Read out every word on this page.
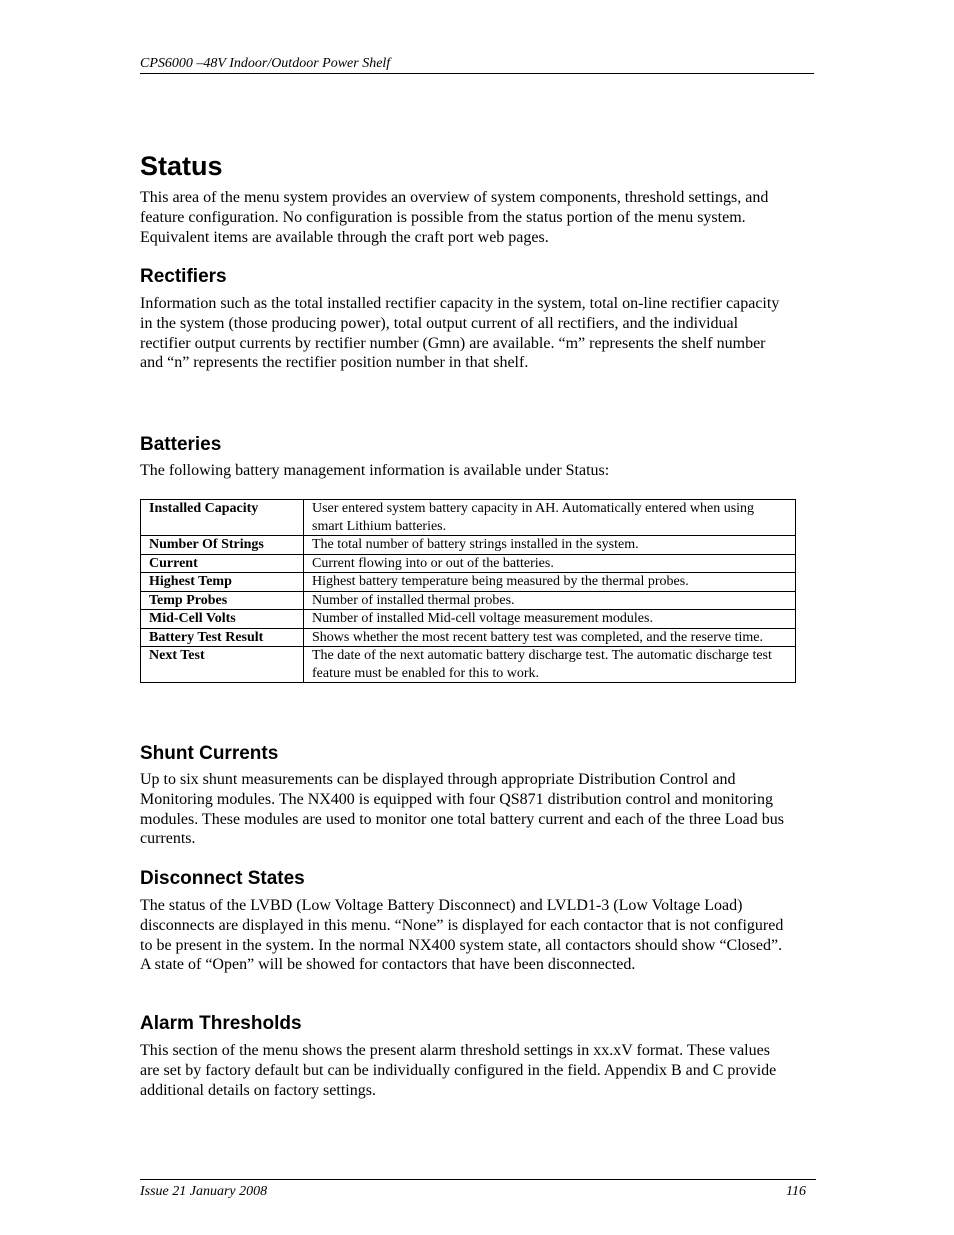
CPS6000 –48V Indoor/Outdoor Power Shelf
Status

This area of the menu system provides an overview of system components, threshold settings, and feature configuration. No configuration is possible from the status portion of the menu system. Equivalent items are available through the craft port web pages.

Rectifiers

Information such as the total installed rectifier capacity in the system, total on-line rectifier capacity in the system (those producing power), total output current of all rectifiers, and the individual rectifier output currents by rectifier number (Gmn) are available. “m” represents the shelf number and “n” represents the rectifier position number in that shelf.

Batteries

The following battery management information is available under Status:

Installed Capacity	User entered system battery capacity in AH. Automatically entered when using smart Lithium batteries.
Number Of Strings	The total number of battery strings installed in the system.
Current	Current flowing into or out of the batteries.
Highest Temp	Highest battery temperature being measured by the thermal probes.
Temp Probes	Number of installed thermal probes.
Mid-Cell Volts	Number of installed Mid-cell voltage measurement modules.
Battery Test Result	Shows whether the most recent battery test was completed, and the reserve time.
Next Test	The date of the next automatic battery discharge test. The automatic discharge test feature must be enabled for this to work.
Shunt Currents

Up to six shunt measurements can be displayed through appropriate Distribution Control and Monitoring modules. The NX400 is equipped with four QS871 distribution control and monitoring modules. These modules are used to monitor one total battery current and each of the three Load bus currents.

Disconnect States

The status of the LVBD (Low Voltage Battery Disconnect) and LVLD1-3 (Low Voltage Load) disconnects are displayed in this menu. “None” is displayed for each contactor that is not configured to be present in the system. In the normal NX400 system state, all contactors should show “Closed”. A state of “Open” will be showed for contactors that have been disconnected.

Alarm Thresholds

This section of the menu shows the present alarm threshold settings in xx.xV format. These values are set by factory default but can be individually configured in the field. Appendix B and C provide additional details on factory settings.

Issue 21 January 2008	116
